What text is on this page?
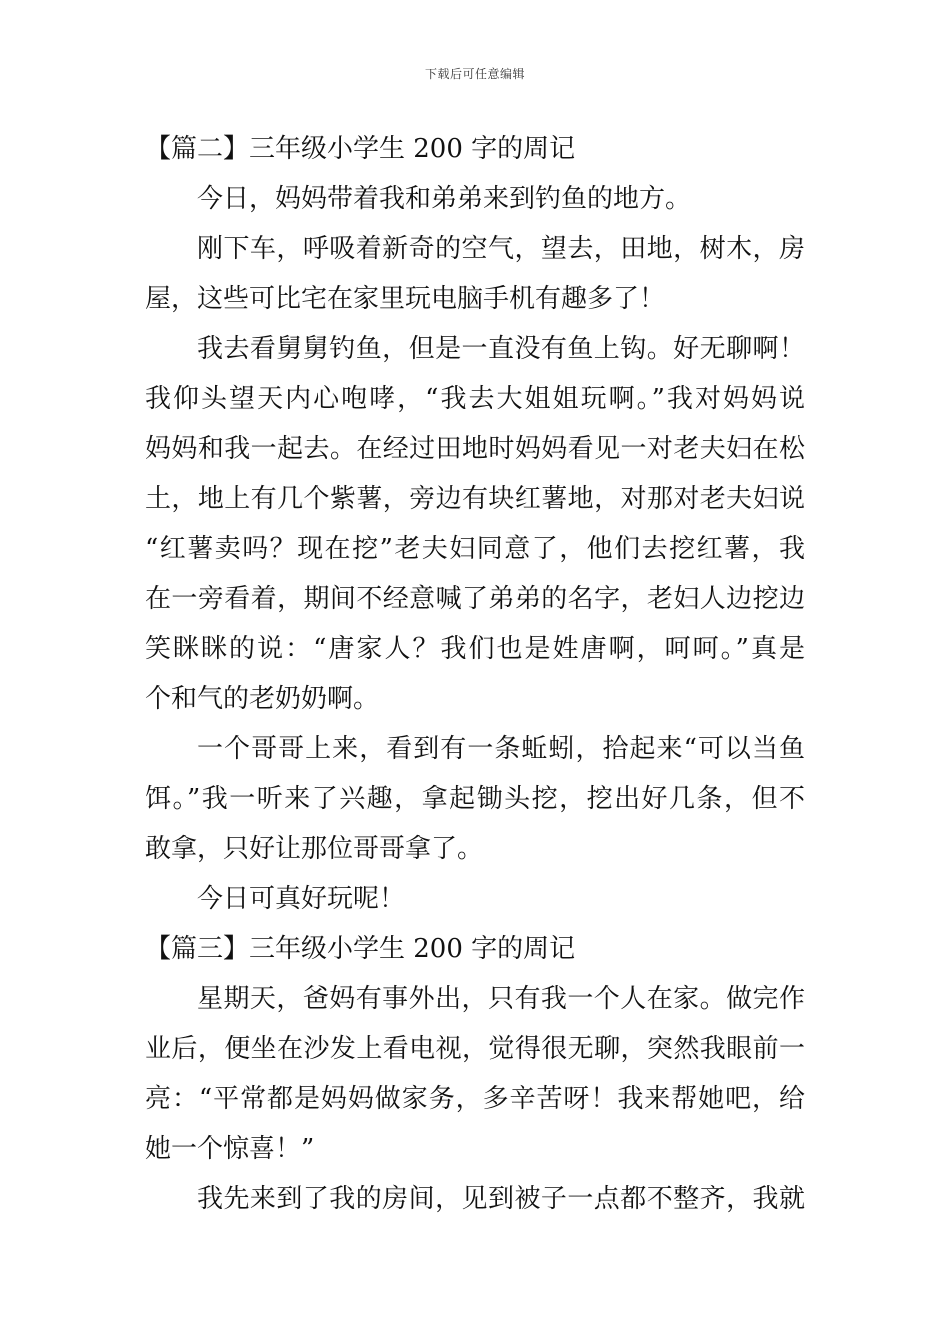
下载后可任意编辑
【篇二】三年级小学生 200 字的周记
今日，妈妈带着我和弟弟来到钓鱼的地方。
刚下车，呼吸着新奇的空气，望去，田地，树木，房
屋，这些可比宅在家里玩电脑手机有趣多了！
我去看舅舅钓鱼，但是一直没有鱼上钩。好无聊啊！
我仰头望天内心咆哮，“我去大姐姐玩啊。”我对妈妈说
妈妈和我一起去。在经过田地时妈妈看见一对老夫妇在松
土，地上有几个紫薯，旁边有块红薯地，对那对老夫妇说
“红薯卖吗？现在挖”老夫妇同意了，他们去挖红薯，我
在一旁看着，期间不经意喊了弟弟的名字，老妇人边挖边
笑眯眯的说：“唐家人？我们也是姓唐啊，呵呵。”真是
个和气的老奶奶啊。
一个哥哥上来，看到有一条蚯蚓，拾起来“可以当鱼
饵。”我一听来了兴趣，拿起锄头挖，挖出好几条，但不
敢拿，只好让那位哥哥拿了。
今日可真好玩呢！
【篇三】三年级小学生 200 字的周记
星期天，爸妈有事外出，只有我一个人在家。做完作
业后，便坐在沙发上看电视，觉得很无聊，突然我眼前一
亮：“平常都是妈妈做家务，多辛苦呀！我来帮她吧，给
她一个惊喜！”
我先来到了我的房间，见到被子一点都不整齐，我就
